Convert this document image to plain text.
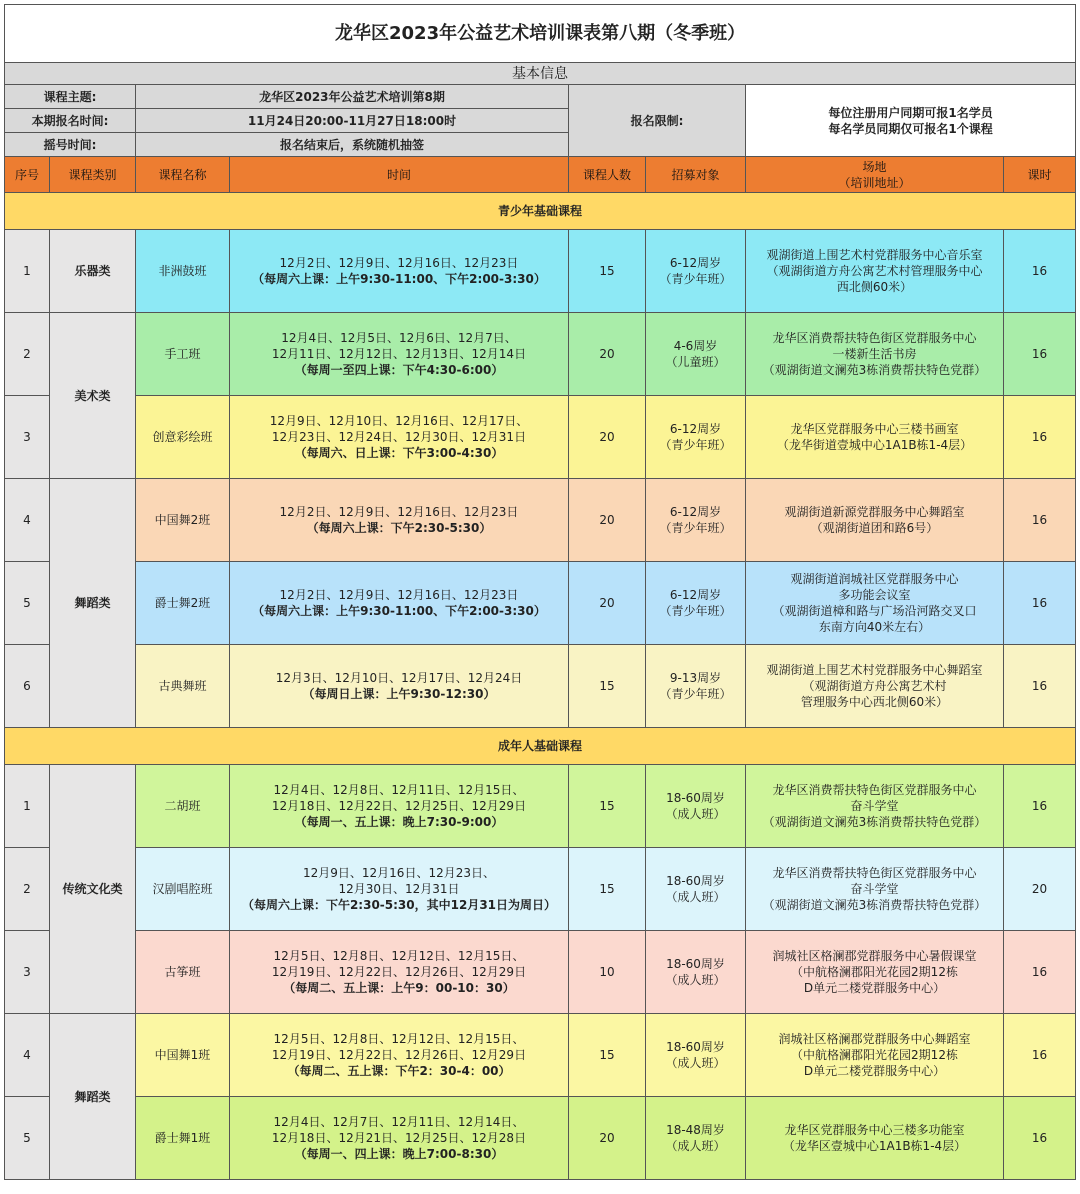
龙华区2023年公益艺术培训课表第八期（冬季班）							
基本信息							
课程主题:		龙华区2023年公益艺术培训第8期		报名限制:		每位注册用户同期可报1名学员
每名学员同期仅可报名1个课程	

本期报名时间:		11月24日20:00-11月27日18:00时					
摇号时间:		报名结束后，系统随机抽签					
序号	课程类别	课程名称	时间	课程人数	招募对象	场地
（培训地址）	课时
青少年基础课程							
1	乐器类	非洲鼓班	12月2日、12月9日、12月16日、12月23日
（每周六上课：上午9:30-11:00、下午2:00-3:30）	15	6-12周岁
（青少年班）	观湖街道上围艺术村党群服务中心音乐室
（观湖街道方舟公寓艺术村管理服务中心
西北侧60米）	16
2	美术类	手工班	12月4日、12月5日、12月6日、12月7日、
12月11日、12月12日、12月13日、12月14日
（每周一至四上课：下午4:30-6:00）	20	4-6周岁
（儿童班）	龙华区消费帮扶特色街区党群服务中心
一楼新生活书房
（观湖街道文澜苑3栋消费帮扶特色党群）	16
3		创意彩绘班	12月9日、12月10日、12月16日、12月17日、
12月23日、12月24日、12月30日、12月31日
（每周六、日上课：下午3:00-4:30）	20	6-12周岁
（青少年班）	龙华区党群服务中心三楼书画室
（龙华街道壹城中心1A1B栋1-4层）	16
4	舞蹈类	中国舞2班	12月2日、12月9日、12月16日、12月23日
（每周六上课：下午2:30-5:30）	20	6-12周岁
（青少年班）	观湖街道新源党群服务中心舞蹈室
（观湖街道团和路6号）	16
5		爵士舞2班	12月2日、12月9日、12月16日、12月23日
（每周六上课：上午9:30-11:00、下午2:00-3:30）	20	6-12周岁
（青少年班）	观湖街道润城社区党群服务中心
多功能会议室
（观湖街道樟和路与广场沿河路交叉口
东南方向40米左右）	16
6		古典舞班	12月3日、12月10日、12月17日、12月24日
（每周日上课：上午9:30-12:30）	15	9-13周岁
（青少年班）	观湖街道上围艺术村党群服务中心舞蹈室
（观湖街道方舟公寓艺术村
管理服务中心西北侧60米）	16
成年人基础课程							
1	传统文化类	二胡班	12月4日、12月8日、12月11日、12月15日、
12月18日、12月22日、12月25日、12月29日
（每周一、五上课：晚上7:30-9:00）	15	18-60周岁
（成人班）	龙华区消费帮扶特色街区党群服务中心
奋斗学堂
（观湖街道文澜苑3栋消费帮扶特色党群）	16
2		汉剧唱腔班	12月9日、12月16日、12月23日、
12月30日、12月31日
（每周六上课：下午2:30-5:30，其中12月31日为周日）	15	18-60周岁
（成人班）	龙华区消费帮扶特色街区党群服务中心
奋斗学堂
（观湖街道文澜苑3栋消费帮扶特色党群）	20
3		古筝班	12月5日、12月8日、12月12日、12月15日、
12月19日、12月22日、12月26日、12月29日
（每周二、五上课：上午9：00-10：30）	10	18-60周岁
（成人班）	润城社区格澜郡党群服务中心暑假课堂
（中航格澜郡阳光花园2期12栋
D单元二楼党群服务中心）	16
4	舞蹈类	中国舞1班	12月5日、12月8日、12月12日、12月15日、
12月19日、12月22日、12月26日、12月29日
（每周二、五上课：下午2：30-4：00）	15	18-60周岁
（成人班）	润城社区格澜郡党群服务中心舞蹈室
（中航格澜郡阳光花园2期12栋
D单元二楼党群服务中心）	16
5		爵士舞1班	12月4日、12月7日、12月11日、12月14日、
12月18日、12月21日、12月25日、12月28日
（每周一、四上课：晚上7:00-8:30）	20	18-48周岁
（成人班）	龙华区党群服务中心三楼多功能室
（龙华区壹城中心1A1B栋1-4层）	16
